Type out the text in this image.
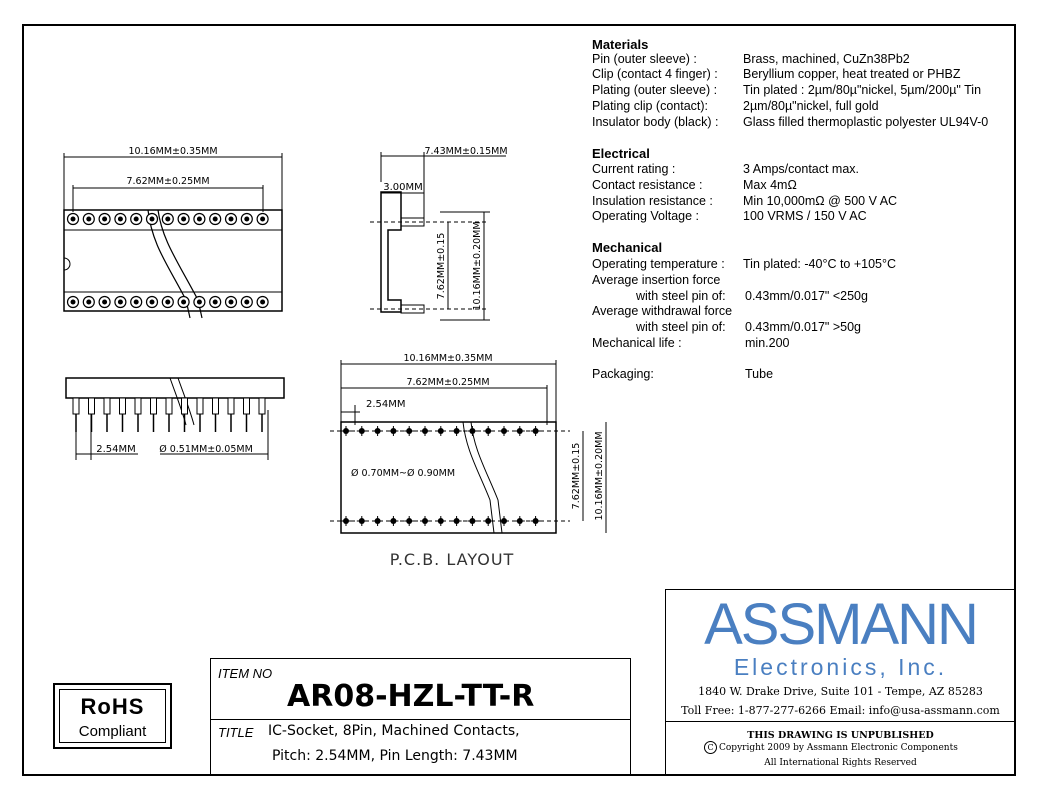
Materials
Pin (outer sleeve) :	Brass, machined, CuZn38Pb2
Clip (contact 4 finger) : Beryllium copper, heat treated or PHBZ
Plating (outer sleeve) : Tin plated : 2µm/80µ"nickel, 5µm/200µ" Tin
Plating clip (contact):	2µm/80µ"nickel, full gold
Insulator body (black) : Glass filled thermoplastic polyester UL94V-0
Electrical
Current rating :	3 Amps/contact max.
Contact resistance :	Max 4mΩ
Insulation resistance : Min 10,000mΩ @ 500 V AC
Operating Voltage :	100 VRMS / 150 V AC
Mechanical
Operating temperature : Tin plated: -40°C to +105°C
Average insertion force
with steel pin of: 0.43mm/0.017" <250g
Average withdrawal force
with steel pin of: 0.43mm/0.017" >50g
Mechanical life :	min.200
Packaging:	Tube
10.16MM±0.35MM
7.62MM±0.25MM
7.43MM±0.15MM
3.00MM
7.62MM±0.15	10.16MM±0.20MM
2.54MM Ø 0.51MM±0.05MM
10.16MM±0.35MM
7.62MM±0.25MM
2.54MM
Ø 0.70MM~Ø 0.90MM	7.62MM±0.15 10.16MM±0.20MM
P.C.B. LAYOUT
RoHS
Compliant
ITEM NO
AR08-HZL-TT-R
TITLE IC-Socket, 8Pin, Machined Contacts,
Pitch: 2.54MM, Pin Length: 7.43MM
ASSMANN
Electronics, Inc.
1840 W. Drake Drive, Suite 101 - Tempe, AZ 85283
Toll Free: 1-877-277-6266 Email: info@usa-assmann.com
THIS DRAWING IS UNPUBLISHED
C Copyright 2009 by Assmann Electronic Components
All International Rights Reserved
